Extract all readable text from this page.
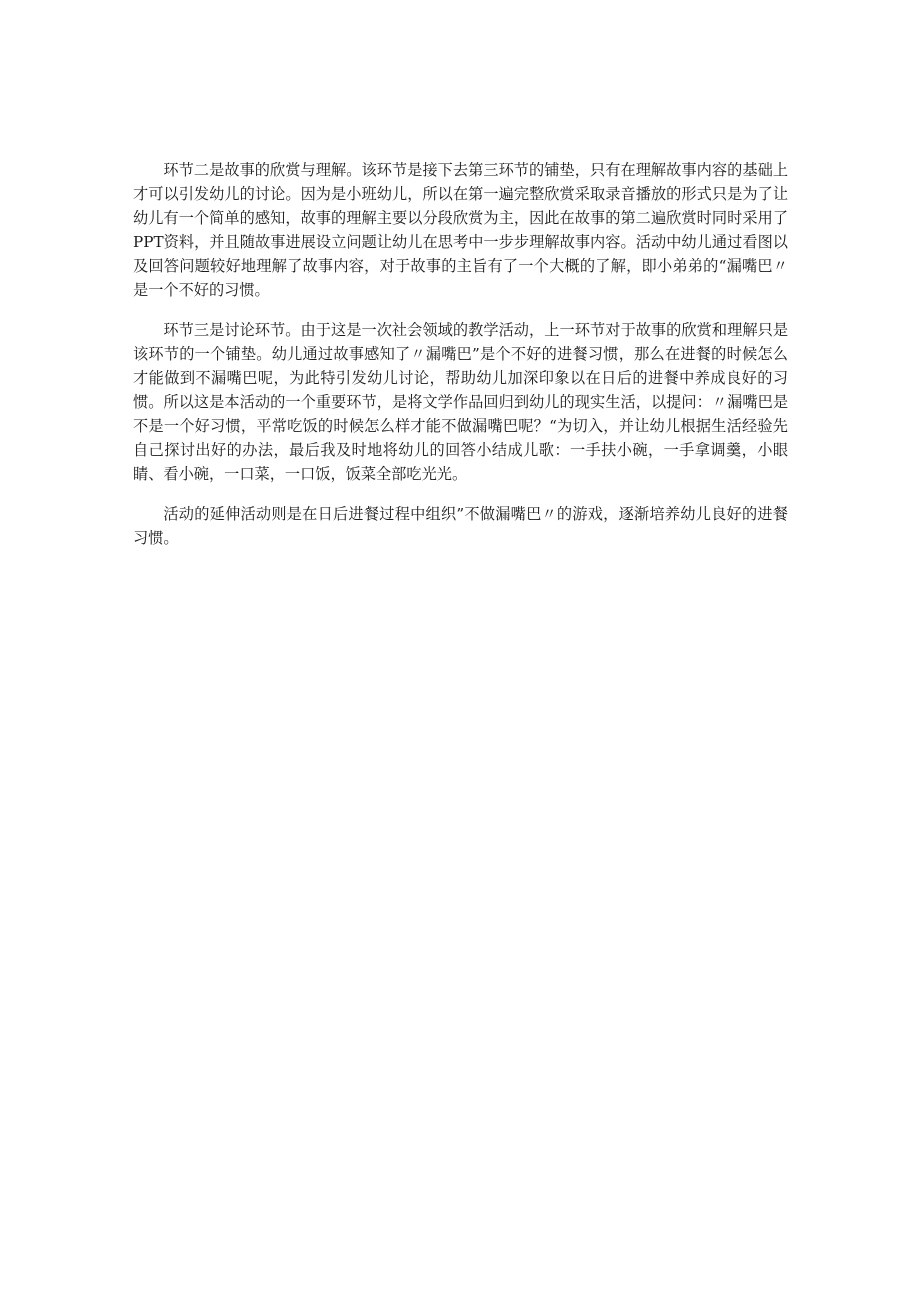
环节二是故事的欣赏与理解。该环节是接下去第三环节的铺垫，只有在理解故事内容的基础上才可以引发幼儿的讨论。因为是小班幼儿，所以在第一遍完整欣赏采取录音播放的形式只是为了让幼儿有一个简单的感知，故事的理解主要以分段欣赏为主，因此在故事的第二遍欣赏时同时采用了PPT资料，并且随故事进展设立问题让幼儿在思考中一步步理解故事内容。活动中幼儿通过看图以及回答问题较好地理解了故事内容，对于故事的主旨有了一个大概的了解，即小弟弟的“漏嘴巴〃是一个不好的习惯。

环节三是讨论环节。由于这是一次社会领域的教学活动，上一环节对于故事的欣赏和理解只是该环节的一个铺垫。幼儿通过故事感知了〃漏嘴巴”是个不好的进餐习惯，那么在进餐的时候怎么才能做到不漏嘴巴呢，为此特引发幼儿讨论，帮助幼儿加深印象以在日后的进餐中养成良好的习惯。所以这是本活动的一个重要环节，是将文学作品回归到幼儿的现实生活，以提问：〃漏嘴巴是不是一个好习惯，平常吃饭的时候怎么样才能不做漏嘴巴呢？“为切入，并让幼儿根据生活经验先自己探讨出好的办法，最后我及时地将幼儿的回答小结成儿歌：一手扶小碗，一手拿调羹，小眼睛、看小碗，一口菜，一口饭，饭菜全部吃光光。

活动的延伸活动则是在日后进餐过程中组织”不做漏嘴巴〃的游戏，逐渐培养幼儿良好的进餐习惯。
